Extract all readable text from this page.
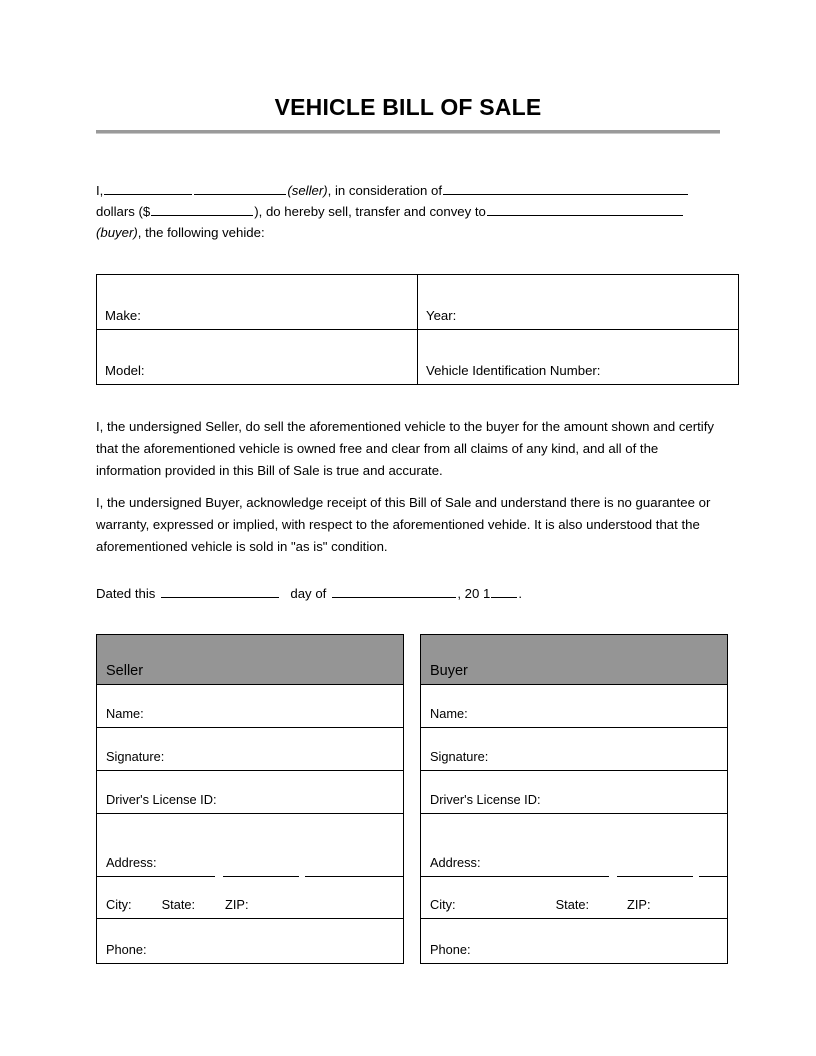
VEHICLE BILL OF SALE
I,	(seller), in consideration of
dollars ($	), do hereby sell, transfer and convey to
(buyer), the following vehide:
Make:	Year:
Model:	Vehicle Identification Number:
I, the undersigned Seller, do sell the aforementioned vehicle to the buyer for the amount shown and certify that the aforementioned vehicle is owned free and clear from all claims of any kind, and all of the information provided in this Bill of Sale is true and accurate.
I, the undersigned Buyer, acknowledge receipt of this Bill of Sale and understand there is no guarantee or warranty, expressed or implied, with respect to the aforementioned vehide. It is also understood that the aforementioned vehicle is sold in "as is" condition.
Dated this	day of	, 20 1 .
Seller
Name:
Signature:
Driver's License ID:
Address:

City: State: ZIP:
Phone:
Buyer
Name:
Signature:
Driver's License ID:
Address:

City:	State:	ZIP:
Phone:
